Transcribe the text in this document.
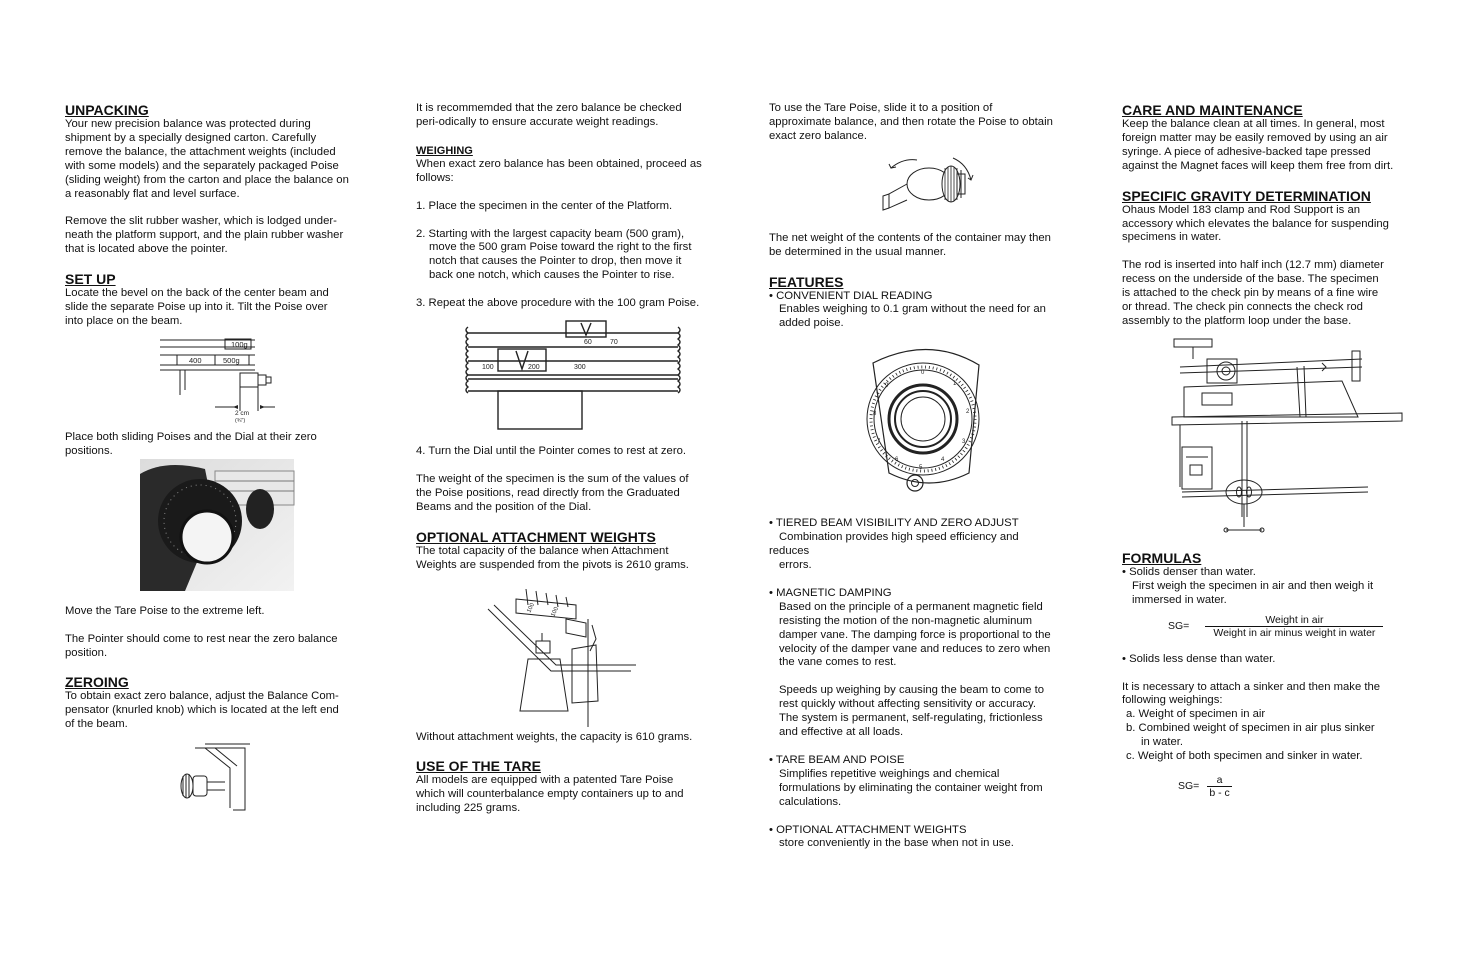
UNPACKING
Your new precision balance was protected during
shipment by a specially designed carton. Carefully
remove the balance, the attachment weights (included
with some models) and the separately packaged Poise
(sliding weight) from the carton and place the balance on
a reasonably flat and level surface.
Remove the slit rubber washer, which is lodged under-
neath the platform support, and the plain rubber washer
that is located above the pointer.
SET UP
Locate the bevel on the back of the center beam and
slide the separate Poise up into it. Tilt the Poise over
into place on the beam.
100g
400	500g
2 cm
(¾")
Place both sliding Poises and the Dial at their zero
positions.
Move the Tare Poise to the extreme left.
The Pointer should come to rest near the zero balance
position.
ZEROING
To obtain exact zero balance, adjust the Balance Com-
pensator (knurled knob) which is located at the left end
of the beam.
It is recommemded that the zero balance be checked
peri-odically to ensure accurate weight readings.
WEIGHING
When exact zero balance has been obtained, proceed as
follows:
1. Place the specimen in the center of the Platform.
2. Starting with the largest capacity beam (500 gram),
move the 500 gram Poise toward the right to the first
notch that causes the Pointer to drop, then move it
back one notch, which causes the Pointer to rise.
3. Repeat the above procedure with the 100 gram Poise.
60	70
100	200	300
4. Turn the Dial until the Pointer comes to rest at zero.
The weight of the specimen is the sum of the values of
the Poise positions, read directly from the Graduated
Beams and the position of the Dial.
OPTIONAL ATTACHMENT WEIGHTS
The total capacity of the balance when Attachment
Weights are suspended from the pivots is 2610 grams.
100 100
Without attachment weights, the capacity is 610 grams.
USE OF THE TARE
All models are equipped with a patented Tare Poise
which will counterbalance empty containers up to and
including 225 grams.
To use the Tare Poise, slide it to a position of
approximate balance, and then rotate the Poise to obtain
exact zero balance.
The net weight of the contents of the container may then
be determined in the usual manner.
FEATURES
• CONVENIENT DIAL READING
Enables weighing to 0.1 gram without the need for an
added poise.
0
1
2
3
4
5
6
7
8
9
• TIERED BEAM VISIBILITY AND ZERO ADJUST
Combination provides high speed efficiency and
reduces
errors.
• MAGNETIC DAMPING
Based on the principle of a permanent magnetic field
resisting the motion of the non-magnetic aluminum
damper vane. The damping force is proportional to the
velocity of the damper vane and reduces to zero when
the vane comes to rest.
Speeds up weighing by causing the beam to come to
rest quickly without affecting sensitivity or accuracy.
The system is permanent, self-regulating, frictionless
and effective at all loads.
• TARE BEAM AND POISE
Simplifies repetitive weighings and chemical
formulations by eliminating the container weight from
calculations.
• OPTIONAL ATTACHMENT WEIGHTS
store conveniently in the base when not in use.
CARE AND MAINTENANCE
Keep the balance clean at all times. In general, most
foreign matter may be easily removed by using an air
syringe. A piece of adhesive-backed tape pressed
against the Magnet faces will keep them free from dirt.
SPECIFIC GRAVITY DETERMINATION
Ohaus Model 183 clamp and Rod Support is an
accessory which elevates the balance for suspending
specimens in water.
The rod is inserted into half inch (12.7 mm) diameter
recess on the underside of the base. The specimen
is attached to the check pin by means of a fine wire
or thread. The check pin connects the check rod
assembly to the platform loop under the base.
FORMULAS
• Solids denser than water.
First weigh the specimen in air and then weigh it
immersed in water.
$SG= \frac{\text{Weight in air}}{\text{Weight in air minus weight in water}}$
• Solids less dense than water.
It is necessary to attach a sinker and then make the
following weighings:
a. Weight of specimen in air
b. Combined weight of specimen in air plus sinker
in water.
c. Weight of both specimen and sinker in water.
$SG= \frac{a}{b - c}$
